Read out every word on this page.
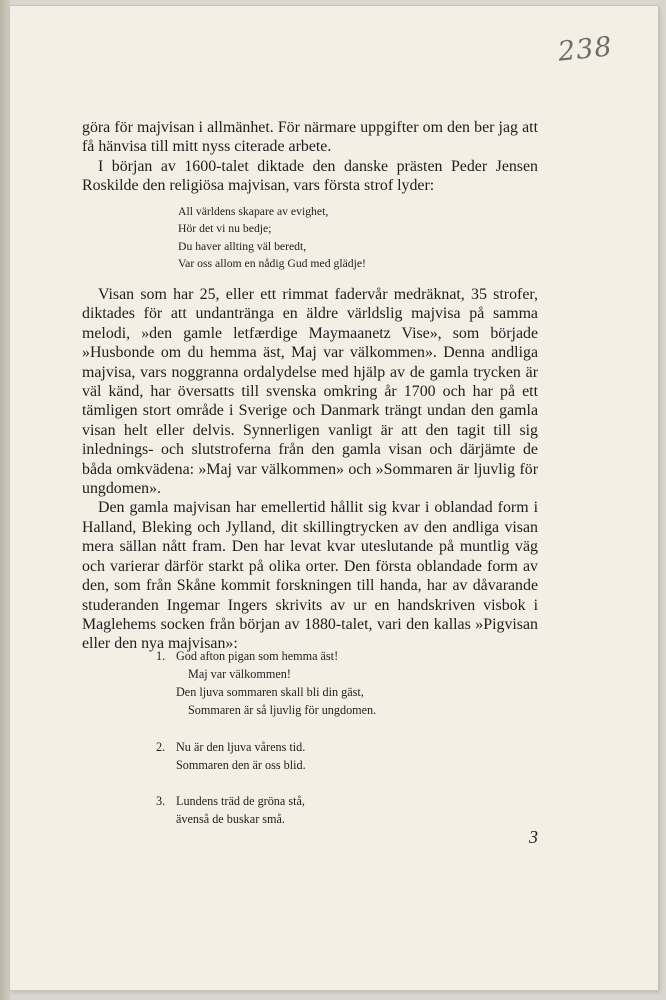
238

göra för majvisan i allmänhet. För närmare uppgifter om den ber jag att få hänvisa till mitt nyss citerade arbete.

I början av 1600-talet diktade den danske prästen Peder Jensen Roskilde den religiösa majvisan, vars första strof lyder:

All världens skapare av evighet,
Hör det vi nu bedje;
Du haver allting väl beredt,
Var oss allom en nådig Gud med glädje!

Visan som har 25, eller ett rimmat fadervår medräknat, 35 strofer, diktades för att undantränga en äldre världslig majvisa på samma melodi, »den gamle letfærdige Maymaanetz Vise», som började »Husbonde om du hemma äst, Maj var välkommen». Denna andliga majvisa, vars noggranna ordalydelse med hjälp av de gamla trycken är väl känd, har översatts till svenska omkring år 1700 och har på ett tämligen stort område i Sverige och Danmark trängt undan den gamla visan helt eller delvis. Synnerligen vanligt är att den tagit till sig inlednings- och slutstroferna från den gamla visan och därjämte de båda omkvädena: »Maj var välkommen» och »Sommaren är ljuvlig för ungdomen».

Den gamla majvisan har emellertid hållit sig kvar i oblandad form i Halland, Bleking och Jylland, dit skillingtrycken av den andliga visan mera sällan nått fram. Den har levat kvar uteslutande på muntlig väg och varierar därför starkt på olika orter. Den första oblandade form av den, som från Skåne kommit forskningen till handa, har av dåvarande studeranden Ingemar Ingers skrivits av ur en handskriven visbok i Maglehems socken från början av 1880-talet, vari den kallas »Pigvisan eller den nya majvisan»:

1. God afton pigan som hemma äst!
Maj var välkommen!
Den ljuva sommaren skall bli din gäst,
Sommaren är så ljuvlig för ungdomen.
2. Nu är den ljuva vårens tid.
Sommaren den är oss blid.
3. Lundens träd de gröna stå,
ävenså de buskar små.
3
